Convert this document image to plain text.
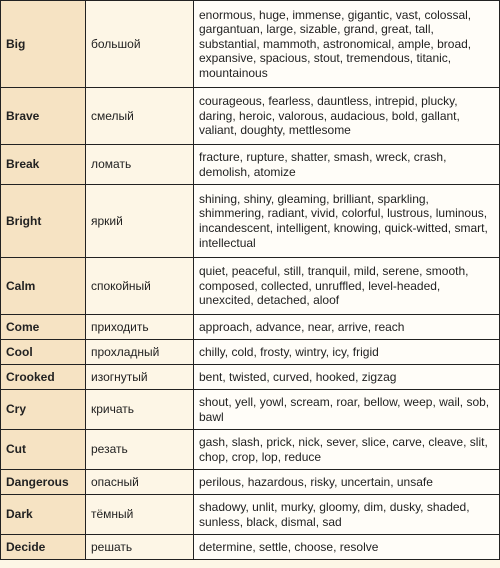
Big	большой	enormous, huge, immense, gigantic, vast, colossal, gargantuan, large, sizable, grand, great, tall, substantial, mammoth, astronomical, ample, broad, expansive, spacious, stout, tremendous, titanic, mountainous
Brave	смелый	courageous, fearless, dauntless, intrepid, plucky, daring, heroic, valorous, audacious, bold, gallant, valiant, doughty, mettlesome
Break	ломать	fracture, rupture, shatter, smash, wreck, crash, demolish, atomize
Bright	яркий	shining, shiny, gleaming, brilliant, sparkling, shimmering, radiant, vivid, colorful, lustrous, luminous, incandescent, intelligent, knowing, quick-witted, smart, intellectual
Calm	спокойный	quiet, peaceful, still, tranquil, mild, serene, smooth, composed, collected, unruffled, level-headed, unexcited, detached, aloof
Come	приходить	approach, advance, near, arrive, reach
Cool	прохладный	chilly, cold, frosty, wintry, icy, frigid
Crooked	изогнутый	bent, twisted, curved, hooked, zigzag
Cry	кричать	shout, yell, yowl, scream, roar, bellow, weep, wail, sob, bawl
Cut	резать	gash, slash, prick, nick, sever, slice, carve, cleave, slit, chop, crop, lop, reduce
Dangerous	опасный	perilous, hazardous, risky, uncertain, unsafe
Dark	тёмный	shadowy, unlit, murky, gloomy, dim, dusky, shaded, sunless, black, dismal, sad
Decide	решать	determine, settle, choose, resolve
